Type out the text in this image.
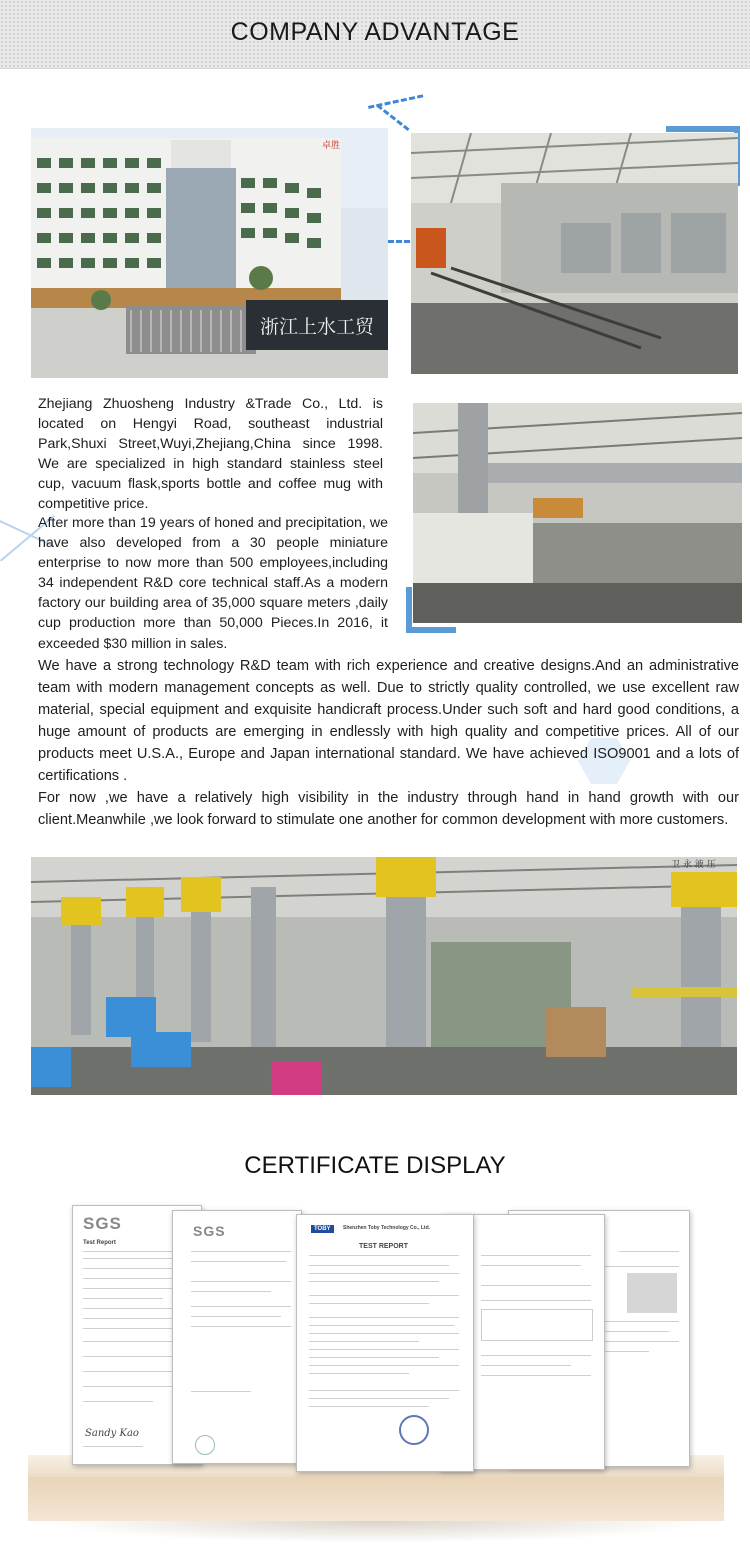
COMPANY ADVANTAGE
浙江上水工贸
卓胜

Zhejiang Zhuosheng Industry &Trade Co., Ltd. is located on Hengyi Road, southeast industrial Park,Shuxi Street,Wuyi,Zhejiang,China since 1998. We are specialized in high standard stainless steel cup, vacuum flask,sports bottle and coffee mug with competitive price.

After more than 19 years of honed and precipitation, we have also developed from a 30 people miniature enterprise to now more than 500 employees,including 34 independent R&D core technical staff.As a modern factory our building area of 35,000 square meters ,daily cup production more than 50,000 Pieces.In 2016, it exceeded $30 million in sales.

We have a strong technology R&D team with rich experience and creative designs.And an administrative team with modern management concepts as well. Due to strictly quality controlled, we use excellent raw material, special equipment and exquisite handicraft process.Under such soft and hard good conditions, a huge amount of products are emerging in endlessly with high quality and competitive prices. All of our products meet U.S.A., Europe and Japan international standard. We have achieved ISO9001 and a lots of certifications .

For now ,we have a relatively high visibility in the industry through hand in hand growth with our client.Meanwhile ,we look forward to stimulate one another for common development with more customers.

卫 永 液 压
CERTIFICATE DISPLAY
SGS
Test Report
Sandy Kao
SGS	TOBY	Shenzhen Toby Technology Co., Ltd.
TEST REPORT
